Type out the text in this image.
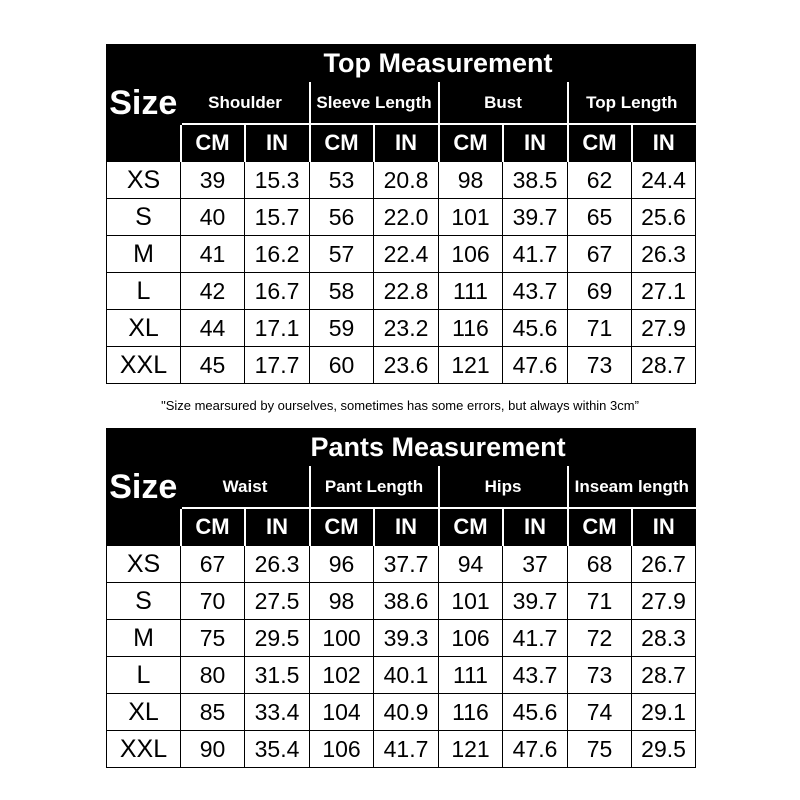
Size	Top Measurement							
	Shoulder		Sleeve Length		Bust		Top Length	
	CM	IN	CM	IN	CM	IN	CM	IN
XS	39	15.3	53	20.8	98	38.5	62	24.4
S	40	15.7	56	22.0	101	39.7	65	25.6
M	41	16.2	57	22.4	106	41.7	67	26.3
L	42	16.7	58	22.8	111	43.7	69	27.1
XL	44	17.1	59	23.2	116	45.6	71	27.9
XXL	45	17.7	60	23.6	121	47.6	73	28.7
"Size mearsured by ourselves, sometimes has some errors, but always within 3cm”
Size	Pants Measurement							
	Waist		Pant Length		Hips		Inseam length	
	CM	IN	CM	IN	CM	IN	CM	IN
XS	67	26.3	96	37.7	94	37	68	26.7
S	70	27.5	98	38.6	101	39.7	71	27.9
M	75	29.5	100	39.3	106	41.7	72	28.3
L	80	31.5	102	40.1	111	43.7	73	28.7
XL	85	33.4	104	40.9	116	45.6	74	29.1
XXL	90	35.4	106	41.7	121	47.6	75	29.5
